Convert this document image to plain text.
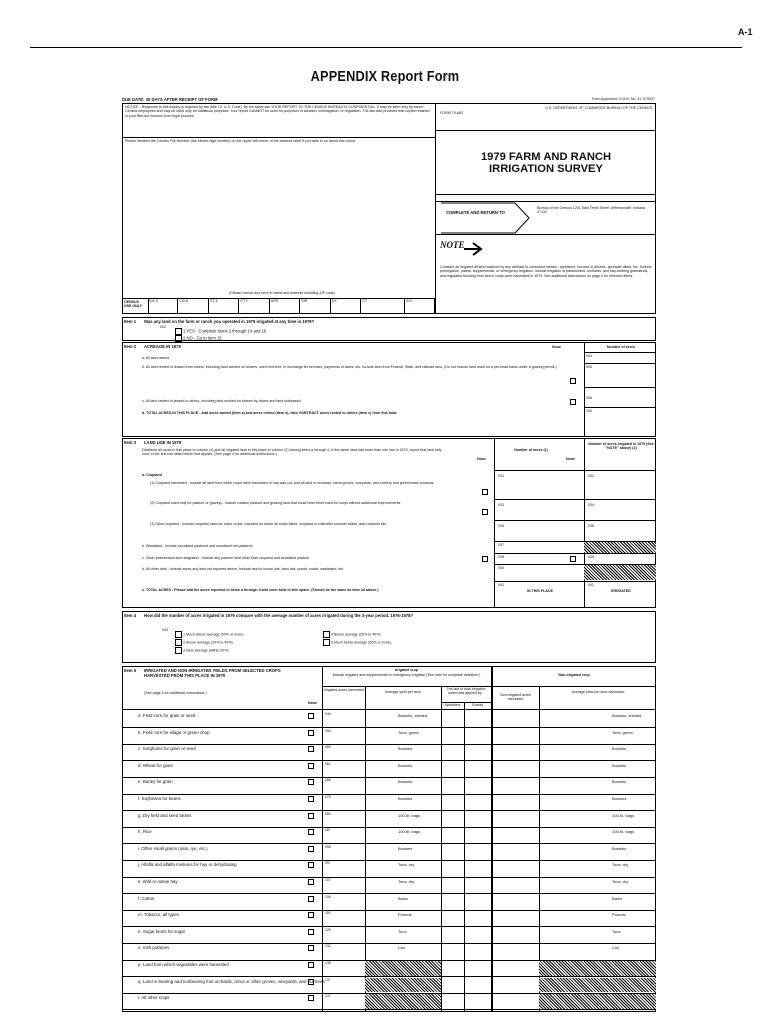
A-1
APPENDIX Report Form
DUE DATE: 30 DAYS AFTER RECEIPT OF FORM	Form Approved: O.M.B. No. 41-S79037
NOTICE - Response to this inquiry is required by law (title 13, U.S. Code). By the same law YOUR REPORT TO THE CENSUS BUREAU IS CONFIDENTIAL. It may be seen only by sworn Census employees and may be used only for statistical purposes. Your report CANNOT be used for purposes of taxation, investigation, or regulation. The law also provides that copies retained in your files are immune from legal process.
Please mention the Census File Number (the eleven-digit number) on the upper left corner of the address label if you write to us about this report.
(Please correct any error in name and address including ZIP code)
FORM 79-A82
U.S. DEPARTMENT OF COMMERCE BUREAU OF THE CENSUS
1979 FARM AND RANCH
IRRIGATION SURVEY
COMPLETE AND RETURN TO
Bureau of the Census 1201 East Tenth Street Jeffersonville, Indiana 47132
NOTE
Consider as irrigated all land watered by any artificial or controlled means - sprinklers, furrows or ditches, spreader dikes, etc. Include preirrigation, partial, supplemental, or emergency irrigation. Include irrigation of pastureland, orchards, and hay-bearing grasslands, and regulated flooding from which crops were harvested in 1979. See additional instructions on page 4 for selected items.
CENSUS USE ONLY
DIV 5	LID 6	ST 4	CTY	ASR	SIR	EX	CT	EO
Item 1 Was any land on the farm or ranch you operated in 1979 irrigated at any time in 1979?
002
1 YES - Complete items 2 through 14 and 16
2 NO - Go to item 15
Item 2 ACREAGE IN 1979	None	Number of acres
a. All land owned	004
b. All land rented or leased from others, including land worked on shares, used rent-free, in exchange for services, payments of taxes, etc. Include land from Federal, State, and railroad land. (Do not include land used on a per-head basis under a grazing permit.)	005
c. All land rented or leased to others, including land worked on shares by others and land subleased
006
d. TOTAL ACRES IN THIS PLACE - Add acres owned (item a) and acres rented (item b), then SUBTRACT acres rented to others (item c) from this total.	030
Item 3 LAND USE IN 1979
Distribute all acres in this place to column (1) and all irrigated land in this place in column (2) among items a through d. If the same land had more than one use in 1979, report that land only once in the first use listed below that applies. (See page 4 for additional instructions.)
None
Number of acres (1)
None
Number of acres irrigated in 1979 (See "NOTE" above) (2)
a. Cropland
(1) Cropland harvested - Include all land from which crops were harvested or hay was cut, and all land in orchards, citrus groves, vineyards, and nursery and greenhouse products
031	032
(2) Cropland used only for pasture or grazing - Include rotation pasture and grazing land that could have been used for crops without additional improvements	033	034
(3) Other cropland - Include cropland used for cover crops, cropland on which all crops failed, cropland in cultivated summer fallow, and cropland idle	035	036
b. Woodland - Include woodland pastured and woodland not pastured	037
c. Other pastureland and rangeland - Include any pasture land other than cropland and woodland pasture	038	039
d. All other land - Include acres any land not reported above. Include land in house lots, barn lots, ponds, roads, wasteland, etc.	040
e. TOTAL ACRES - Please add the acres reported in items a through d and enter total in this space. (Should be the same as item 2d above.)
041
IN THIS PLACE
042
IRRIGATED
Item 4 How did the number of acres irrigated in 1979 compare with the average number of acres irrigated during the 3-year period, 1976-1978?
043
1 Much above average (50% or more)
2 Above average (20% to 49%)
3 Near average (within 20%)
4 Below average (20% to 49%)
5 Much below average (50% or more)
Item 5 IRRIGATED AND NON-IRRIGATED YIELDS FROM SELECTED CROPS HARVESTED FROM THIS PLACE IN 1979
(See page 4 for additional instructions.)
None
Irrigated crop
Include irrigated and supplemental or emergency irrigation (See note for complete definition.)	Non-irrigated crop
Irrigated acres harvested	Average yield per acre
The last of total irrigation water was applied by -
Sprinklers	Gravity
Non-irrigated acres harvested
Average yield per acre harvested
a. Field corn for grain or seed	044	Bushels, shelled	Bushels, shelled
b. Field corn for silage or green chop	053	Tons, green	Tons, green
c. Sorghums for grain or seed	065	Bushels	Bushels
d. Wheat for grain	062	Bushels	Bushels
e. Barley for grain	068	Bushels	Bushels
f. Soybeans for beans	076	Bushels	Bushels
g. Dry field and seed beans	080	100-lb. bags	100-lb. bags
h. Rice	087	100-lb. bags	100-lb. bags
i. Other small grains (oats, rye, etc.)	098	Bushels	Bushels
j. Alfalfa and alfalfa mixtures for hay or dehydrating	097	Tons, dry	Tons, dry
k. Wild or native hay	107	Tons, dry	Tons, dry
l. Cotton	108	Bales	Bales
m. Tobacco, all types	116	Pounds	Pounds
n. Sugar beets for sugar	125	Tons	Tons
o. Irish potatoes	132	Cwt	Cwt
p. Land from which vegetables were harvested	138
q. Land in bearing and nonbearing fruit orchards, citrus or other groves, vineyards, and nut trees 137
r. All other crops	147
